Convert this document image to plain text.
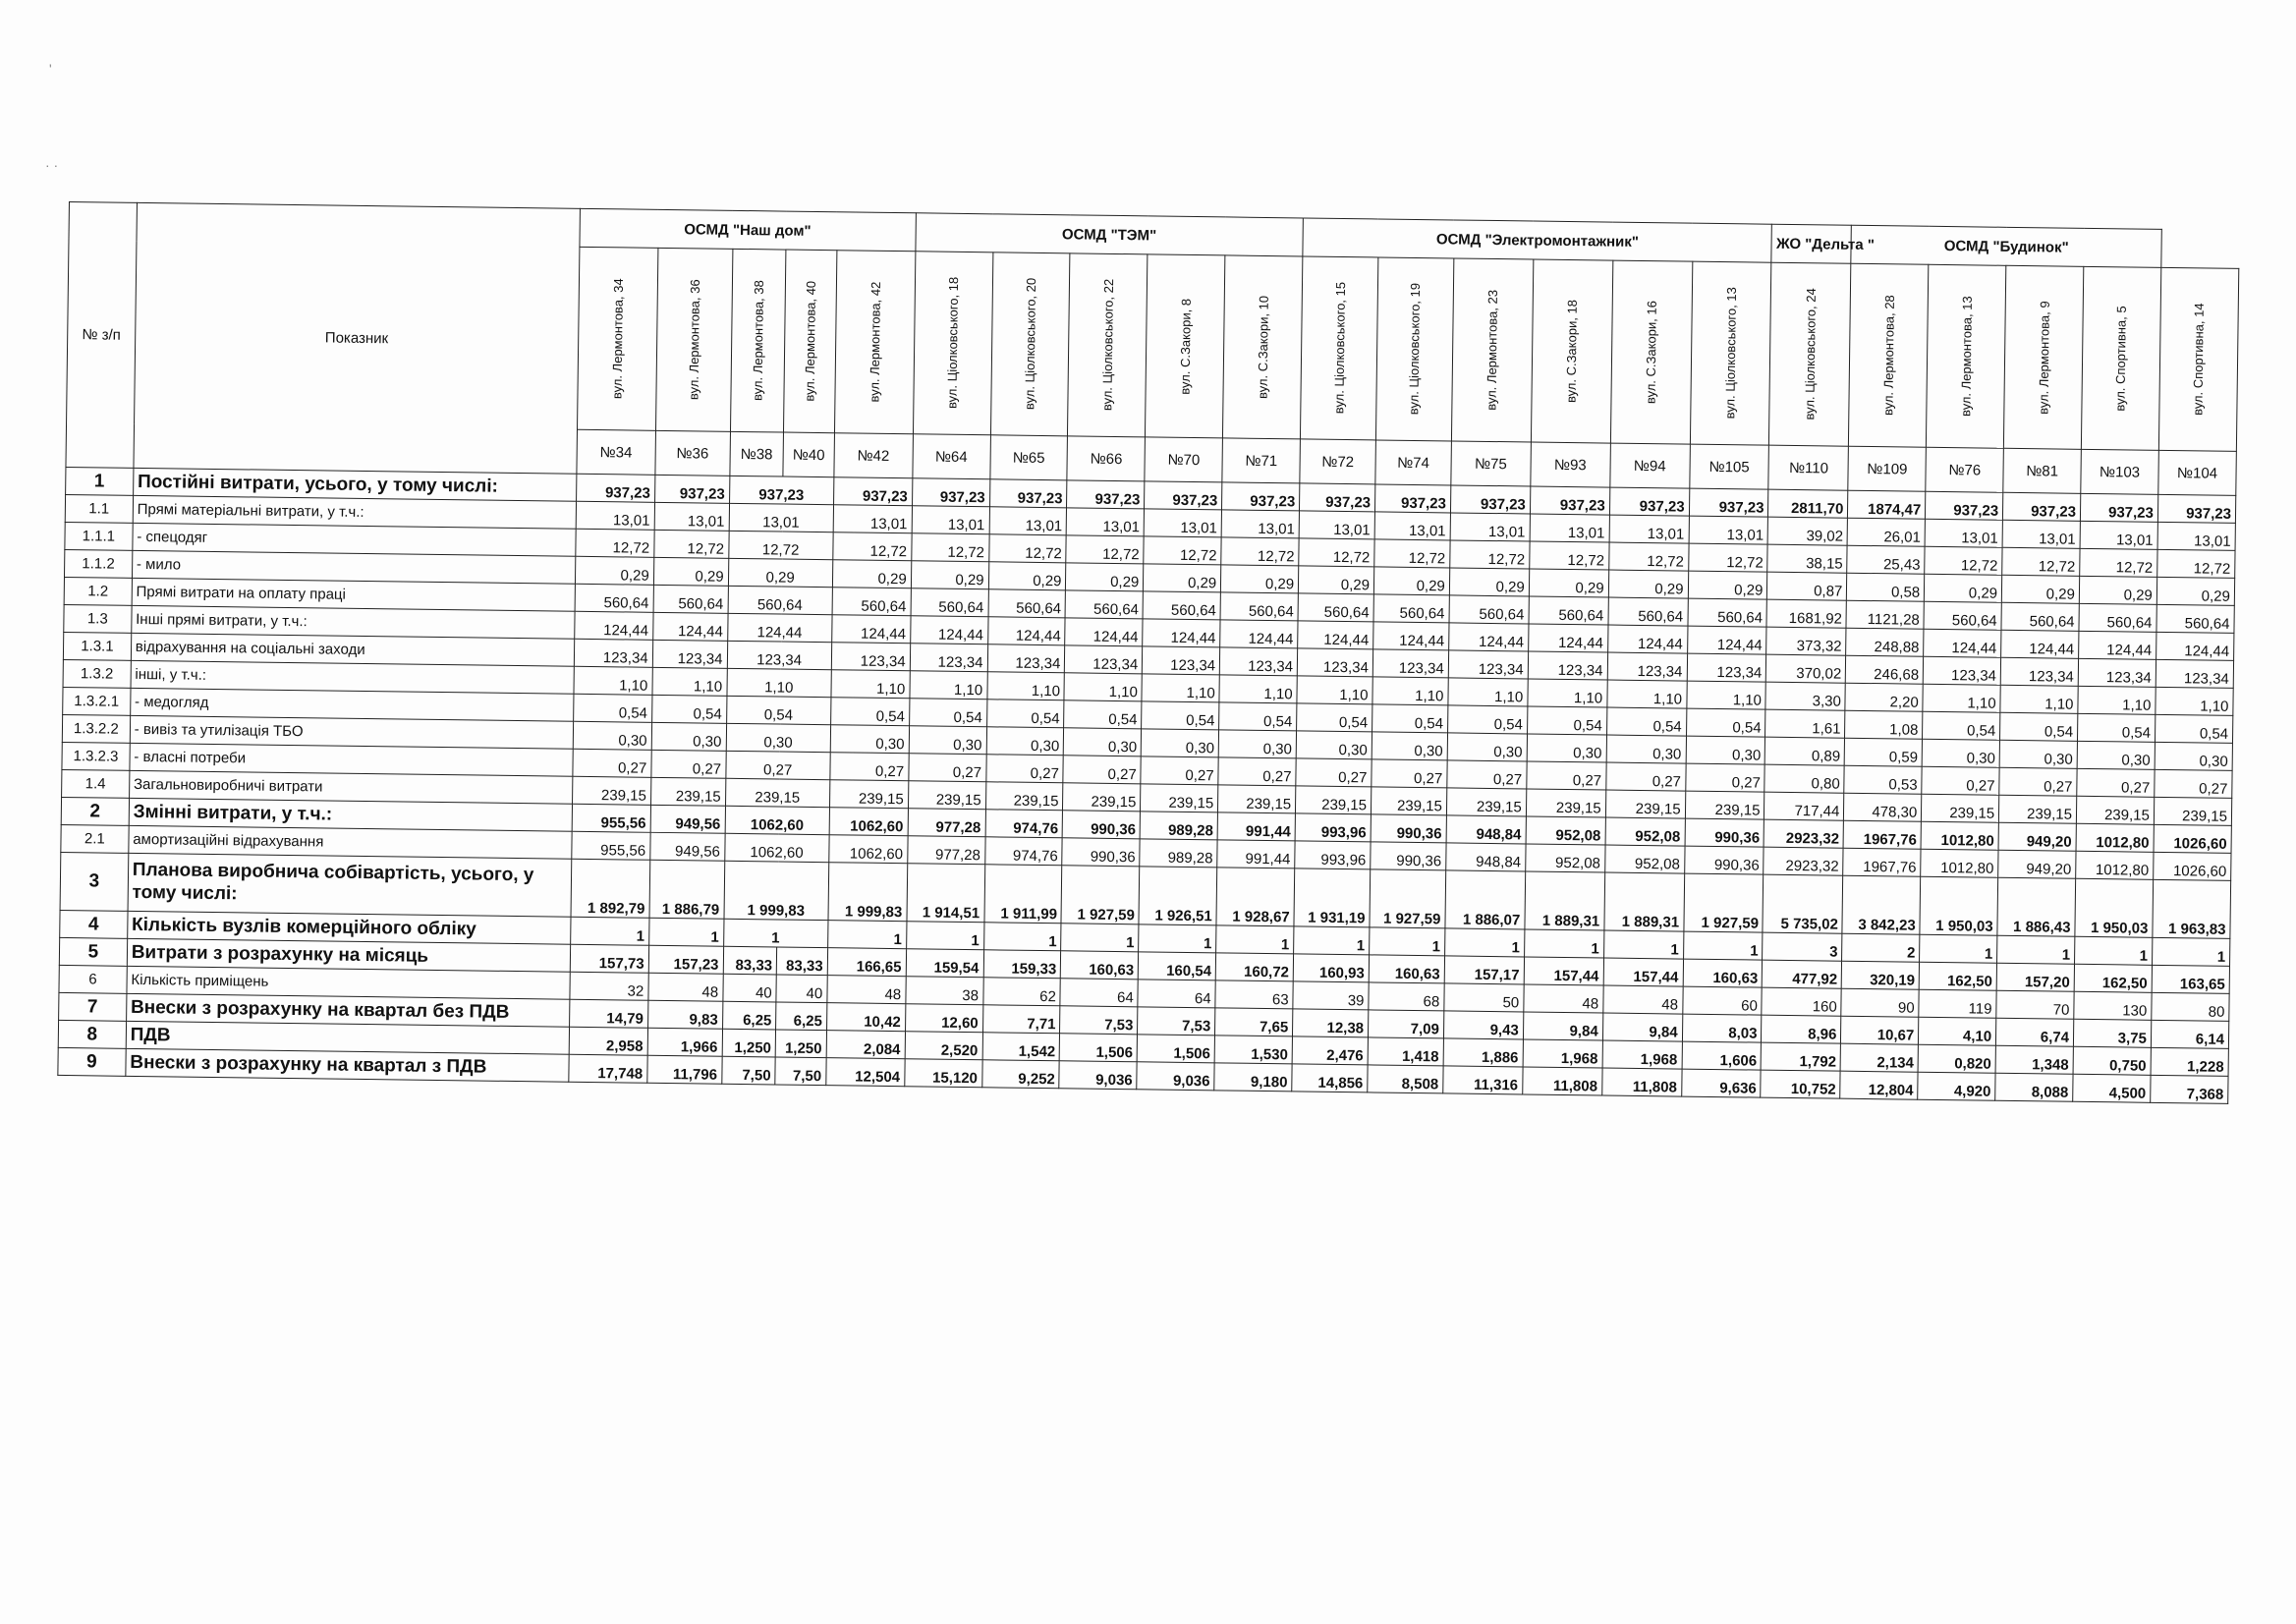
ʹ
· ·
№ з/п	Показник	ОСМД "Наш дом"					ОСМД "ТЭМ"					ОСМД "Электромонтажник"						ЖО "Дельта "	ОСМД "Будинок"				

		вул. Лермонтова, 34	вул. Лермонтова, 36	вул. Лермонтова, 38	вул. Лермонтова, 40	вул. Лермонтова, 42	вул. Ціолковського, 18	вул. Ціолковського, 20	вул. Ціолковського, 22	вул. С.Закори, 8	вул. С.Закори, 10	вул. Ціолковського, 15	вул. Ціолковського, 19	вул. Лермонтова, 23	вул. С.Закори, 18	вул. С.Закори, 16	вул. Ціолковського, 13	вул. Ціолковського, 24	вул. Лермонтова, 28	вул. Лермонтова, 13	вул. Лермонтова, 9	вул. Спортивна, 5	вул. Спортивна, 14

		№34	№36	№38	№40	№42	№64	№65	№66	№70	№71	№72	№74	№75	№93	№94	№105	№110	№109	№76	№81	№103	№104
1	Постійні витрати, усього, у тому числі:	937,23	937,23	937,23		937,23	937,23	937,23	937,23	937,23	937,23	937,23	937,23	937,23	937,23	937,23	937,23	2811,70	1874,47	937,23	937,23	937,23	937,23
1.1	Прямі матеріальні витрати, у т.ч.:	13,01	13,01	13,01		13,01	13,01	13,01	13,01	13,01	13,01	13,01	13,01	13,01	13,01	13,01	13,01	39,02	26,01	13,01	13,01	13,01	13,01
1.1.1	- спецодяг	12,72	12,72	12,72		12,72	12,72	12,72	12,72	12,72	12,72	12,72	12,72	12,72	12,72	12,72	12,72	38,15	25,43	12,72	12,72	12,72	12,72
1.1.2	- мило	0,29	0,29	0,29		0,29	0,29	0,29	0,29	0,29	0,29	0,29	0,29	0,29	0,29	0,29	0,29	0,87	0,58	0,29	0,29	0,29	0,29
1.2	Прямі витрати на оплату праці	560,64	560,64	560,64		560,64	560,64	560,64	560,64	560,64	560,64	560,64	560,64	560,64	560,64	560,64	560,64	1681,92	1121,28	560,64	560,64	560,64	560,64
1.3	Інші прямі витрати, у т.ч.:	124,44	124,44	124,44		124,44	124,44	124,44	124,44	124,44	124,44	124,44	124,44	124,44	124,44	124,44	124,44	373,32	248,88	124,44	124,44	124,44	124,44
1.3.1	відрахування на соціальні заходи	123,34	123,34	123,34		123,34	123,34	123,34	123,34	123,34	123,34	123,34	123,34	123,34	123,34	123,34	123,34	370,02	246,68	123,34	123,34	123,34	123,34
1.3.2	інші, у т.ч.:	1,10	1,10	1,10		1,10	1,10	1,10	1,10	1,10	1,10	1,10	1,10	1,10	1,10	1,10	1,10	3,30	2,20	1,10	1,10	1,10	1,10
1.3.2.1	- медогляд	0,54	0,54	0,54		0,54	0,54	0,54	0,54	0,54	0,54	0,54	0,54	0,54	0,54	0,54	0,54	1,61	1,08	0,54	0,54	0,54	0,54
1.3.2.2	- вивіз та утилізація ТБО	0,30	0,30	0,30		0,30	0,30	0,30	0,30	0,30	0,30	0,30	0,30	0,30	0,30	0,30	0,30	0,89	0,59	0,30	0,30	0,30	0,30
1.3.2.3	- власні потреби	0,27	0,27	0,27		0,27	0,27	0,27	0,27	0,27	0,27	0,27	0,27	0,27	0,27	0,27	0,27	0,80	0,53	0,27	0,27	0,27	0,27
1.4	Загальновиробничі витрати	239,15	239,15	239,15		239,15	239,15	239,15	239,15	239,15	239,15	239,15	239,15	239,15	239,15	239,15	239,15	717,44	478,30	239,15	239,15	239,15	239,15
2	Змінні витрати, у т.ч.:	955,56	949,56	1062,60		1062,60	977,28	974,76	990,36	989,28	991,44	993,96	990,36	948,84	952,08	952,08	990,36	2923,32	1967,76	1012,80	949,20	1012,80	1026,60
2.1	амортизаційні відрахування	955,56	949,56	1062,60		1062,60	977,28	974,76	990,36	989,28	991,44	993,96	990,36	948,84	952,08	952,08	990,36	2923,32	1967,76	1012,80	949,20	1012,80	1026,60
3	Планова виробнича собівартість, усього, у тому числі:	1 892,79	1 886,79	1 999,83		1 999,83	1 914,51	1 911,99	1 927,59	1 926,51	1 928,67	1 931,19	1 927,59	1 886,07	1 889,31	1 889,31	1 927,59	5 735,02	3 842,23	1 950,03	1 886,43	1 950,03	1 963,83
4	Кількість вузлів комерційного обліку	1	1	1		1	1	1	1	1	1	1	1	1	1	1	1	3	2	1	1	1	1
5	Витрати з розрахунку на місяць	157,73	157,23	83,33	83,33	166,65	159,54	159,33	160,63	160,54	160,72	160,93	160,63	157,17	157,44	157,44	160,63	477,92	320,19	162,50	157,20	162,50	163,65
6	Кількість приміщень	32	48	40	40	48	38	62	64	64	63	39	68	50	48	48	60	160	90	119	70	130	80
7	Внески з розрахунку на квартал без ПДВ	14,79	9,83	6,25	6,25	10,42	12,60	7,71	7,53	7,53	7,65	12,38	7,09	9,43	9,84	9,84	8,03	8,96	10,67	4,10	6,74	3,75	6,14
8	ПДВ	2,958	1,966	1,250	1,250	2,084	2,520	1,542	1,506	1,506	1,530	2,476	1,418	1,886	1,968	1,968	1,606	1,792	2,134	0,820	1,348	0,750	1,228
9	Внески з розрахунку на квартал з ПДВ	17,748	11,796	7,50	7,50	12,504	15,120	9,252	9,036	9,036	9,180	14,856	8,508	11,316	11,808	11,808	9,636	10,752	12,804	4,920	8,088	4,500	7,368
